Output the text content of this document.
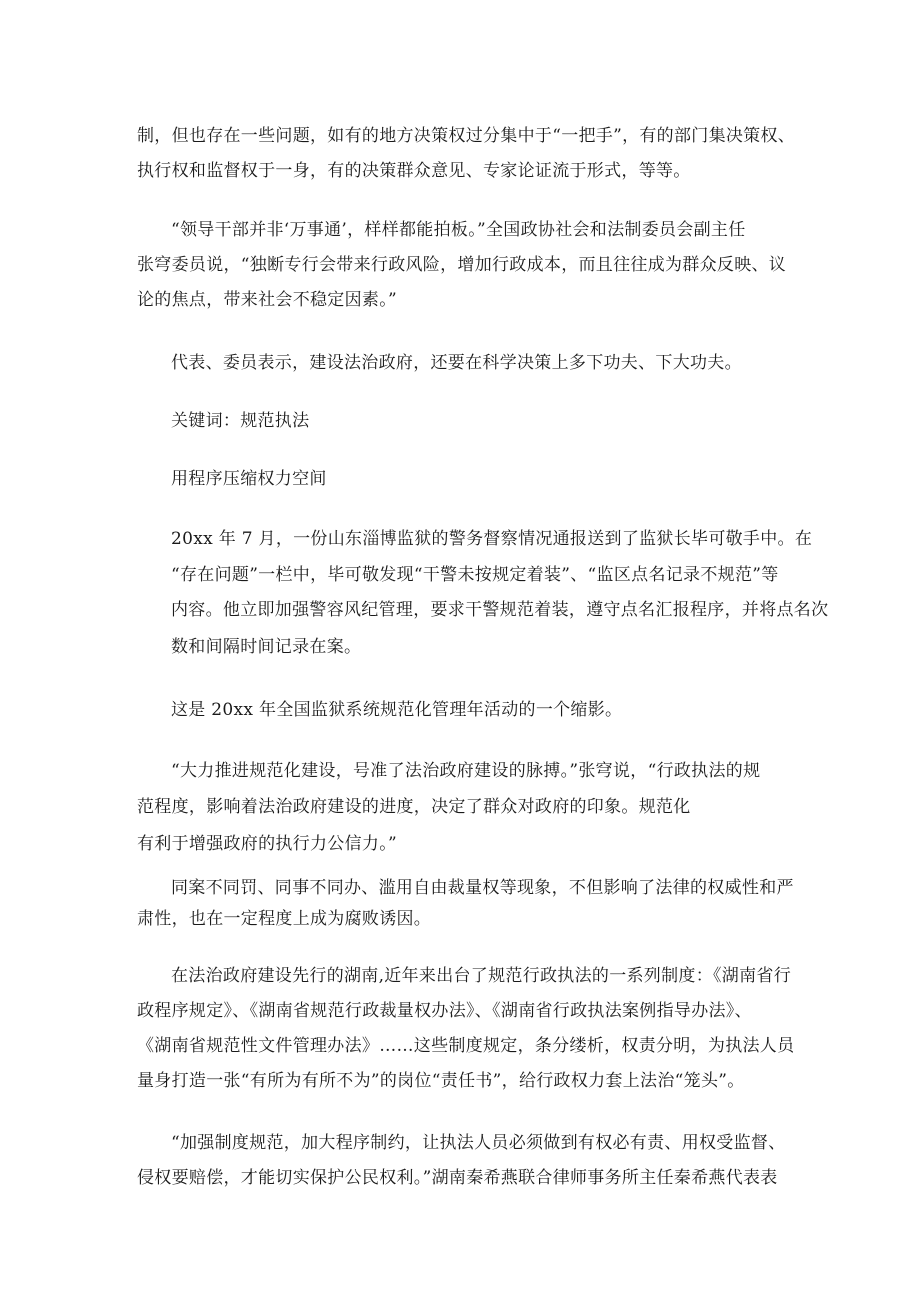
制，但也存在一些问题，如有的地方决策权过分集中于“一把手”，有的部门集决策权、
执行权和监督权于一身，有的决策群众意见、专家论证流于形式，等等。
“领导干部并非‘万事通’，样样都能拍板。”全国政协社会和法制委员会副主任
张穹委员说，“独断专行会带来行政风险，增加行政成本，而且往往成为群众反映、议
论的焦点，带来社会不稳定因素。”
代表、委员表示，建设法治政府，还要在科学决策上多下功夫、下大功夫。
关键词：规范执法
用程序压缩权力空间
20xx 年 7 月，一份山东淄博监狱的警务督察情况通报送到了监狱长毕可敬手中。在
“存在问题”一栏中，毕可敬发现“干警未按规定着装”、“监区点名记录不规范”等
内容。他立即加强警容风纪管理，要求干警规范着装，遵守点名汇报程序，并将点名次
数和间隔时间记录在案。
这是 20xx 年全国监狱系统规范化管理年活动的一个缩影。
“大力推进规范化建设，号准了法治政府建设的脉搏。”张穹说，“行政执法的规
范程度，影响着法治政府建设的进度，决定了群众对政府的印象。规范化
有利于增强政府的执行力公信力。”
同案不同罚、同事不同办、滥用自由裁量权等现象，不但影响了法律的权威性和严
肃性，也在一定程度上成为腐败诱因。
在法治政府建设先行的湖南,近年来出台了规范行政执法的一系列制度：《湖南省行
政程序规定》、《湖南省规范行政裁量权办法》、《湖南省行政执法案例指导办法》、
《湖南省规范性文件管理办法》……这些制度规定，条分缕析，权责分明，为执法人员
量身打造一张“有所为有所不为”的岗位“责任书”，给行政权力套上法治“笼头”。
“加强制度规范，加大程序制约，让执法人员必须做到有权必有责、用权受监督、
侵权要赔偿，才能切实保护公民权利。”湖南秦希燕联合律师事务所主任秦希燕代表表
